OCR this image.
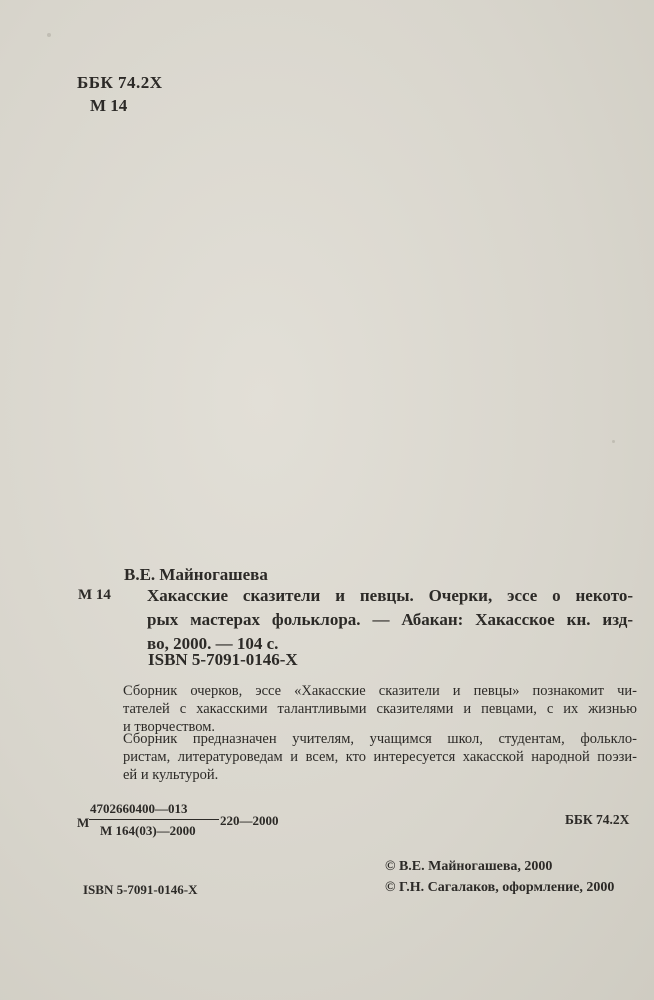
ББК 74.2Х
М 14
В.Е. Майногашева
М 14 Хакасские сказители и певцы. Очерки, эссе о некото-
рых мастерах фольклора. — Абакан: Хакасское кн. изд-
во, 2000. — 104 с.
ISBN 5-7091-0146-Х
Сборник очерков, эссе «Хакасские сказители и певцы» познакомит чи-
тателей с хакасскими талантливыми сказителями и певцами, с их жизнью
и творчеством.
Сборник предназначен учителям, учащимся школ, студентам, фолькло-
ристам, литературоведам и всем, кто интересуется хакасской народной поэзи-
ей и культурой.
М
4702660400—013
М 164(03)—2000
220—2000	ББК 74.2Х
© В.Е. Майногашева, 2000
© Г.Н. Сагалаков, оформление, 2000
ISBN 5-7091-0146-Х
